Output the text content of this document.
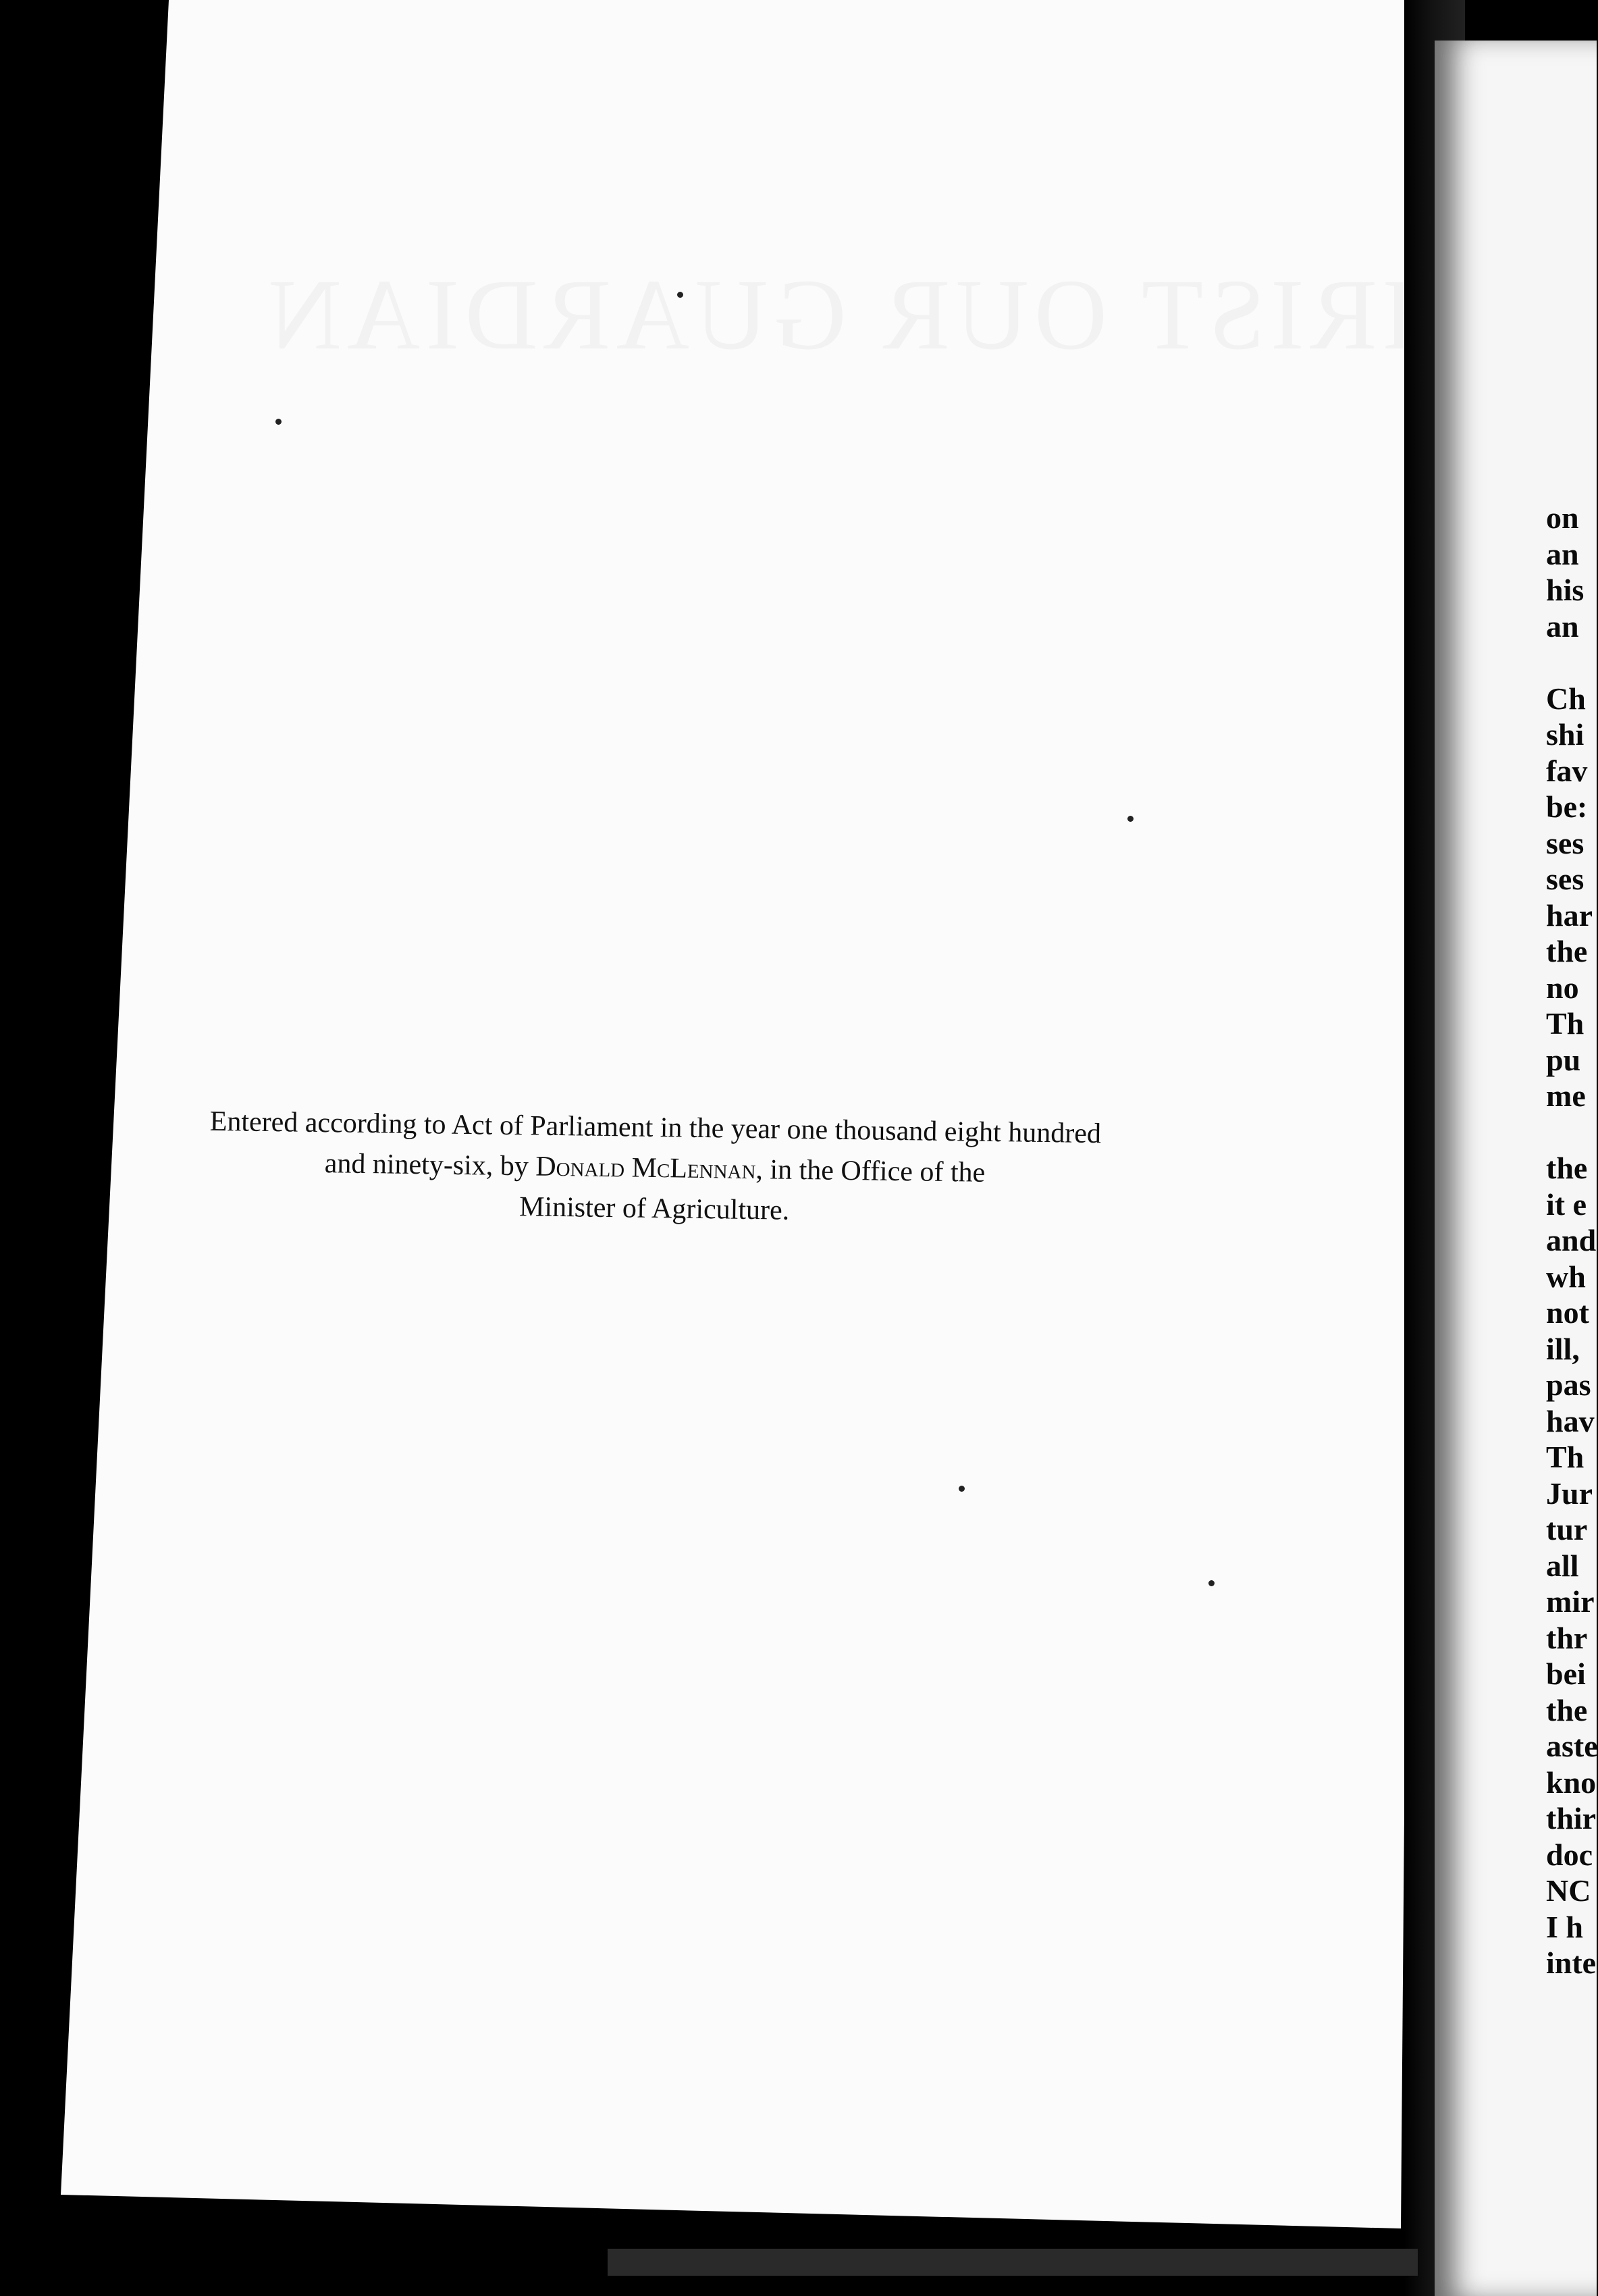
Entered according to Act of Parliament in the year one thousand eight hundred
and ninety-six, by Donald McLennan, in the Office of the
Minister of Agriculture.
on
an
his
an
Ch
shi
fav
be:
ses
ses
har
the
no
Th
pu
me
the
it e
and
wh
not
ill,
pas
hav
Th
Jur
tur
all
mir
thr
bei
the
aste
kno
thir
doc
NC
I h
inte
